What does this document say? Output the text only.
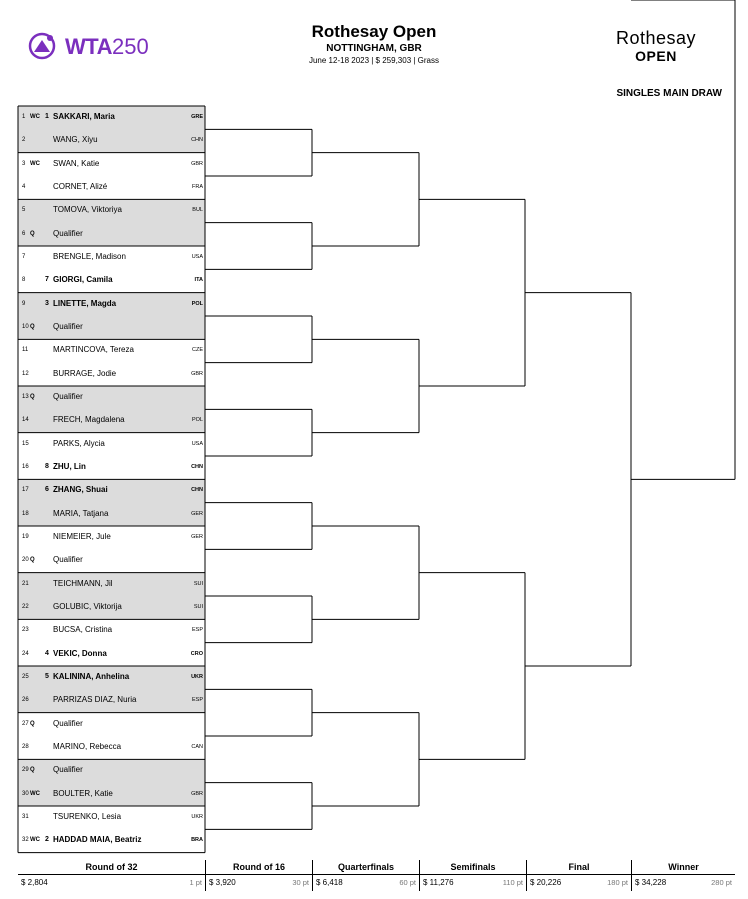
WTA 250
Rothesay Open
NOTTINGHAM, GBR
June 12-18 2023 | $ 259,303 | Grass
Rothesay
OPEN
SINGLES MAIN DRAW
1 WC 1 SAKKARI, Maria	GRE
2	WANG, Xiyu	CHN
3 WC SWAN, Katie	GBR
4	CORNET, Alizé	FRA
5	TOMOVA, Viktoriya	BUL
6 Q Qualifier
7	BRENGLE, Madison	USA
8	7 GIORGI, Camila	ITA
9	3 LINETTE, Magda	POL
10 Q Qualifier
11	MARTINCOVA, Tereza	CZE
12	BURRAGE, Jodie	GBR
13 Q Qualifier
14	FRECH, Magdalena	POL
15	PARKS, Alycia	USA
16 8 ZHU, Lin	CHN
17 6 ZHANG, Shuai	CHN
18	MARIA, Tatjana	GER
19	NIEMEIER, Jule	GER
20 Q Qualifier
21	TEICHMANN, Jil	SUI
22	GOLUBIC, Viktorija	SUI
23	BUCSA, Cristina	ESP
24 4 VEKIC, Donna	CRO
25 5 KALININA, Anhelina	UKR
26	PARRIZAS DIAZ, Nuria	ESP
27 Q Qualifier
28	MARINO, Rebecca	CAN
29 Q Qualifier
30 WC BOULTER, Katie	GBR
31	TSURENKO, Lesia	UKR
32 WC 2 HADDAD MAIA, Beatriz	BRA
Round of 32	Round of 16	Quarterfinals	Semifinals	Final	Winner
$ 2,804	1 pt $ 3,920	30 pt $ 6,418	60 pt $ 11,276	110 pt $ 20,226	180 pt $ 34,228	280 pt
